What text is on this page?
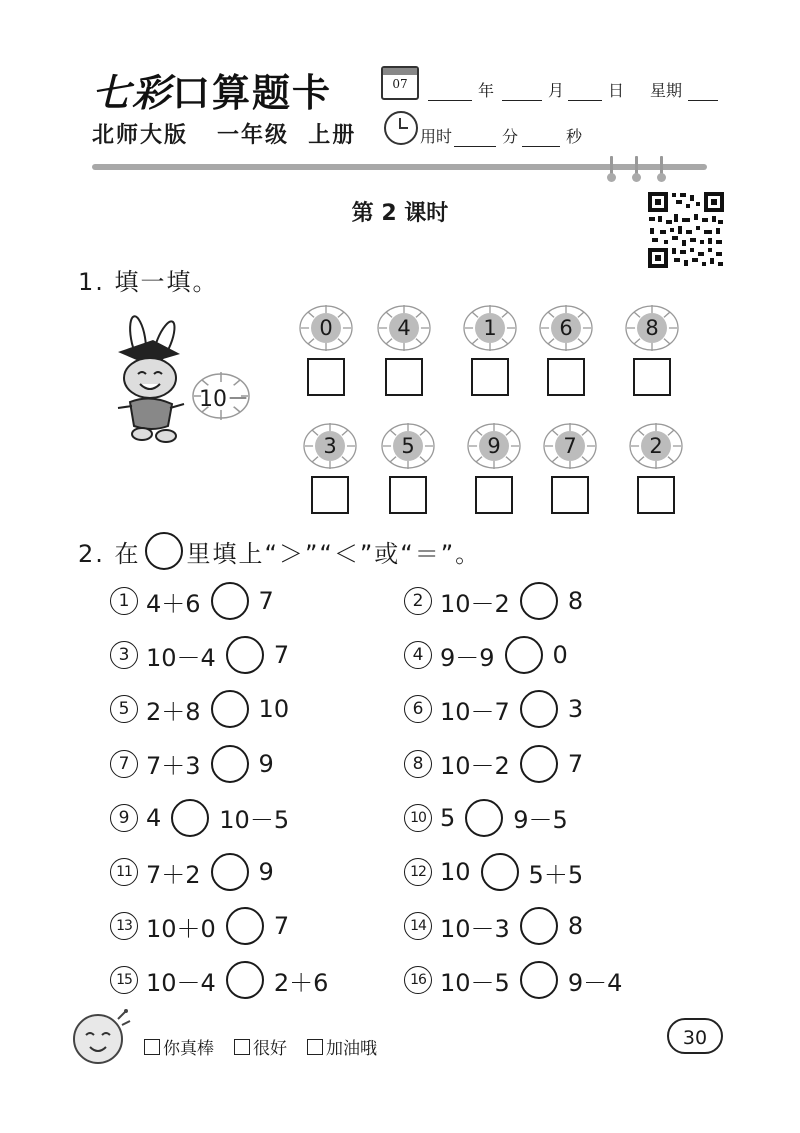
七彩口算题卡	07	年	月	日 星期
北师大版   一年级  上册	用时	分	秒
第 2 课时
1. 填一填。
10－
0	4	1	6	8
3	5	9	7	2
2. 在 里填上“＞”“＜”或“＝”。
1 4＋6 7
3 10－4 7
5 2＋8 10
7 7＋3 9
9 4 10－5
11 7＋2 9
13 10＋0 7
15 10－4 2＋6
2 10－2 8
4 9－9 0
6 10－7 3
8 10－2 7
10 5 9－5
12 10 5＋5
14 10－3 8
16 10－5 9－4
你真棒 很好 加油哦	30
